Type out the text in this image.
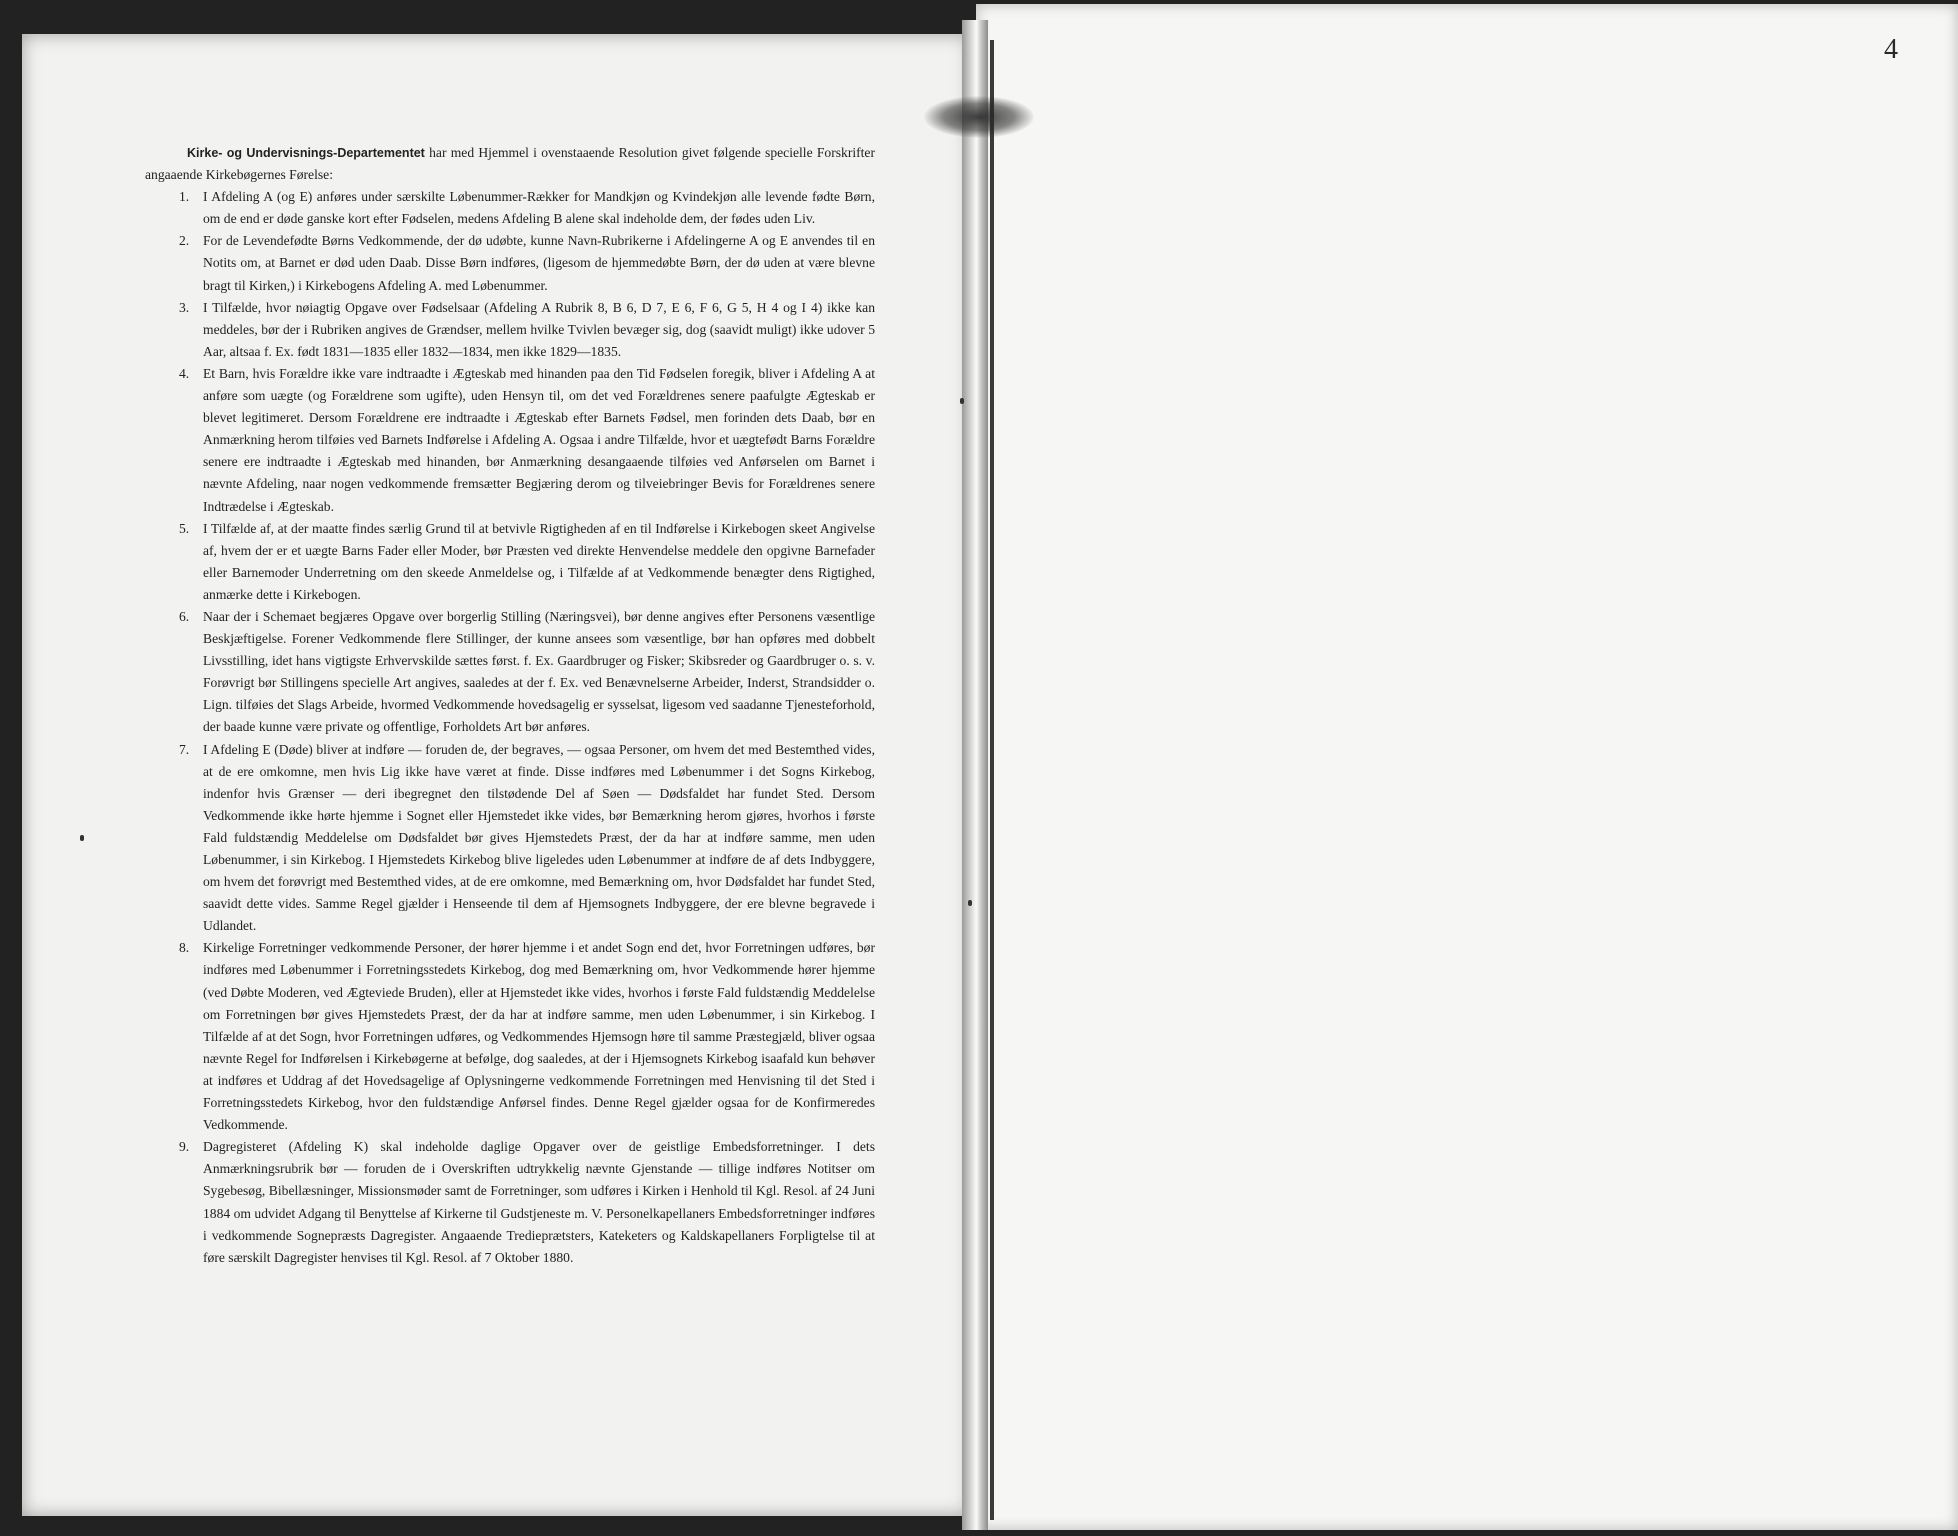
4

Kirke- og Undervisnings-Departementet har med Hjemmel i ovenstaaende Resolution givet følgende specielle Forskrifter angaaende Kirkebøgernes Førelse:

1. I Afdeling A (og E) anføres under særskilte Løbenummer-Rækker for Mandkjøn og Kvindekjøn alle levende fødte Børn, om de end er døde ganske kort efter Fødselen, medens Afdeling B alene skal indeholde dem, der fødes uden Liv.

2. For de Levendefødte Børns Vedkommende, der dø udøbte, kunne Navn-Rubrikerne i Afdelingerne A og E anvendes til en Notits om, at Barnet er død uden Daab. Disse Børn indføres, (ligesom de hjemmedøbte Børn, der dø uden at være blevne bragt til Kirken,) i Kirkebogens Afdeling A. med Løbenummer.

3. I Tilfælde, hvor nøiagtig Opgave over Fødselsaar (Afdeling A Rubrik 8, B 6, D 7, E 6, F 6, G 5, H 4 og I 4) ikke kan meddeles, bør der i Rubriken angives de Grændser, mellem hvilke Tvivlen bevæger sig, dog (saavidt muligt) ikke udover 5 Aar, altsaa f. Ex. født 1831—1835 eller 1832—1834, men ikke 1829—1835.

4. Et Barn, hvis Forældre ikke vare indtraadte i Ægteskab med hinanden paa den Tid Fødselen foregik, bliver i Afdeling A at anføre som uægte (og Forældrene som ugifte), uden Hensyn til, om det ved Forældrenes senere paafulgte Ægteskab er blevet legitimeret. Dersom Forældrene ere indtraadte i Ægteskab efter Barnets Fødsel, men forinden dets Daab, bør en Anmærkning herom tilføies ved Barnets Indførelse i Afdeling A. Ogsaa i andre Tilfælde, hvor et uægtefødt Barns Forældre senere ere indtraadte i Ægteskab med hinanden, bør Anmærkning desangaaende tilføies ved Anførselen om Barnet i nævnte Afdeling, naar nogen vedkommende fremsætter Begjæring derom og tilveiebringer Bevis for Forældrenes senere Indtrædelse i Ægteskab.

5. I Tilfælde af, at der maatte findes særlig Grund til at betvivle Rigtigheden af en til Indførelse i Kirkebogen skeet Angivelse af, hvem der er et uægte Barns Fader eller Moder, bør Præsten ved direkte Henvendelse meddele den opgivne Barnefader eller Barnemoder Underretning om den skeede Anmeldelse og, i Tilfælde af at Vedkommende benægter dens Rigtighed, anmærke dette i Kirkebogen.

6. Naar der i Schemaet begjæres Opgave over borgerlig Stilling (Næringsvei), bør denne angives efter Personens væsentlige Beskjæftigelse. Forener Vedkommende flere Stillinger, der kunne ansees som væsentlige, bør han opføres med dobbelt Livsstilling, idet hans vigtigste Erhvervskilde sættes først. f. Ex. Gaardbruger og Fisker; Skibsreder og Gaardbruger o. s. v. Forøvrigt bør Stillingens specielle Art angives, saaledes at der f. Ex. ved Benævnelserne Arbeider, Inderst, Strandsidder o. Lign. tilføies det Slags Arbeide, hvormed Vedkommende hovedsagelig er sysselsat, ligesom ved saadanne Tjenesteforhold, der baade kunne være private og offentlige, Forholdets Art bør anføres.

7. I Afdeling E (Døde) bliver at indføre — foruden de, der begraves, — ogsaa Personer, om hvem det med Bestemthed vides, at de ere omkomne, men hvis Lig ikke have været at finde. Disse indføres med Løbenummer i det Sogns Kirkebog, indenfor hvis Grænser — deri ibegregnet den tilstødende Del af Søen — Dødsfaldet har fundet Sted. Dersom Vedkommende ikke hørte hjemme i Sognet eller Hjemstedet ikke vides, bør Bemærkning herom gjøres, hvorhos i første Fald fuldstændig Meddelelse om Dødsfaldet bør gives Hjemstedets Præst, der da har at indføre samme, men uden Løbenummer, i sin Kirkebog. I Hjemstedets Kirkebog blive ligeledes uden Løbenummer at indføre de af dets Indbyggere, om hvem det forøvrigt med Bestemthed vides, at de ere omkomne, med Bemærkning om, hvor Dødsfaldet har fundet Sted, saavidt dette vides. Samme Regel gjælder i Henseende til dem af Hjemsognets Indbyggere, der ere blevne begravede i Udlandet.

8. Kirkelige Forretninger vedkommende Personer, der hører hjemme i et andet Sogn end det, hvor Forretningen udføres, bør indføres med Løbenummer i Forretningsstedets Kirkebog, dog med Bemærkning om, hvor Vedkommende hører hjemme (ved Døbte Moderen, ved Ægteviede Bruden), eller at Hjemstedet ikke vides, hvorhos i første Fald fuldstændig Meddelelse om Forretningen bør gives Hjemstedets Præst, der da har at indføre samme, men uden Løbenummer, i sin Kirkebog. I Tilfælde af at det Sogn, hvor Forretningen udføres, og Vedkommendes Hjemsogn høre til samme Præstegjæld, bliver ogsaa nævnte Regel for Indførelsen i Kirkebøgerne at befølge, dog saaledes, at der i Hjemsognets Kirkebog isaafald kun behøver at indføres et Uddrag af det Hovedsagelige af Oplysningerne vedkommende Forretningen med Henvisning til det Sted i Forretningsstedets Kirkebog, hvor den fuldstændige Anførsel findes. Denne Regel gjælder ogsaa for de Konfirmeredes Vedkommende.

9. Dagregisteret (Afdeling K) skal indeholde daglige Opgaver over de geistlige Embedsforretninger. I dets Anmærkningsrubrik bør — foruden de i Overskriften udtrykkelig nævnte Gjenstande — tillige indføres Notitser om Sygebesøg, Bibellæsninger, Missionsmøder samt de Forretninger, som udføres i Kirken i Henhold til Kgl. Resol. af 24 Juni 1884 om udvidet Adgang til Benyttelse af Kirkerne til Gudstjeneste m. V. Personelkapellaners Embedsforretninger indføres i vedkommende Sognepræsts Dagregister. Angaaende Tredieprætsters, Kateketers og Kaldskapellaners Forpligtelse til at føre særskilt Dagregister henvises til Kgl. Resol. af 7 Oktober 1880.
